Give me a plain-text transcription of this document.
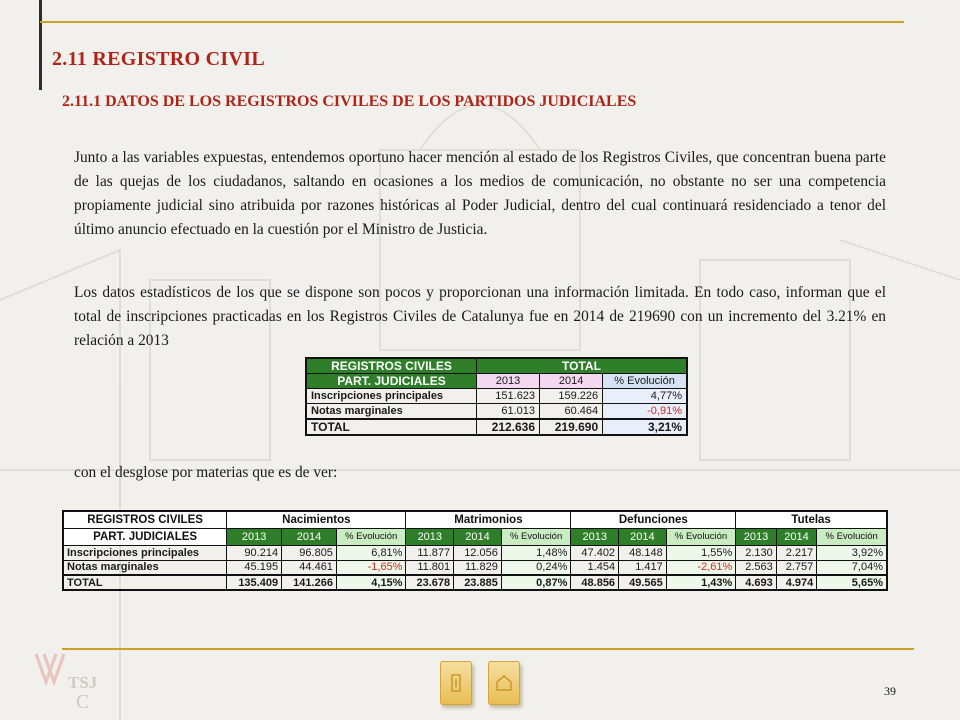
2.11 REGISTRO CIVIL
2.11.1 DATOS DE LOS REGISTROS CIVILES DE LOS PARTIDOS JUDICIALES

Junto a las variables expuestas, entendemos oportuno hacer mención al estado de los Registros Civiles, que concentran buena parte de las quejas de los ciudadanos, saltando en ocasiones a los medios de comunicación, no obstante no ser una competencia propiamente judicial sino atribuida por razones históricas al Poder Judicial, dentro del cual continuará residenciado a tenor del último anuncio efectuado en la cuestión por el Ministro de Justicia.

Los datos estadísticos de los que se dispone son pocos y proporcionan una información limitada. En todo caso, informan que el total de inscripciones practicadas en los Registros Civiles de Catalunya fue en 2014 de 219690 con un incremento del 3.21% en relación a 2013

REGISTROS CIVILES	TOTAL		
PART. JUDICIALES	2013	2014	% Evolución
Inscripciones principales	151.623	159.226	4,77%
Notas marginales	61.013	60.464	-0,91%
TOTAL	212.636	219.690	3,21%

con el desglose por materias que es de ver:

REGISTROS CIVILES	Nacimientos			Matrimonios			Defunciones			Tutelas		
PART. JUDICIALES	2013	2014	% Evolución	2013	2014	% Evolución	2013	2014	% Evolución	2013	2014	% Evolución
Inscripciones principales	90.214	96.805	6,81%	11.877	12.056	1,48%	47.402	48.148	1,55%	2.130	2.217	3,92%
Notas marginales	45.195	44.461	-1,65%	11.801	11.829	0,24%	1.454	1.417	-2,61%	2.563	2.757	7,04%
TOTAL	135.409	141.266	4,15%	23.678	23.885	0,87%	48.856	49.565	1,43%	4.693	4.974	5,65%
TSJ
C	39
